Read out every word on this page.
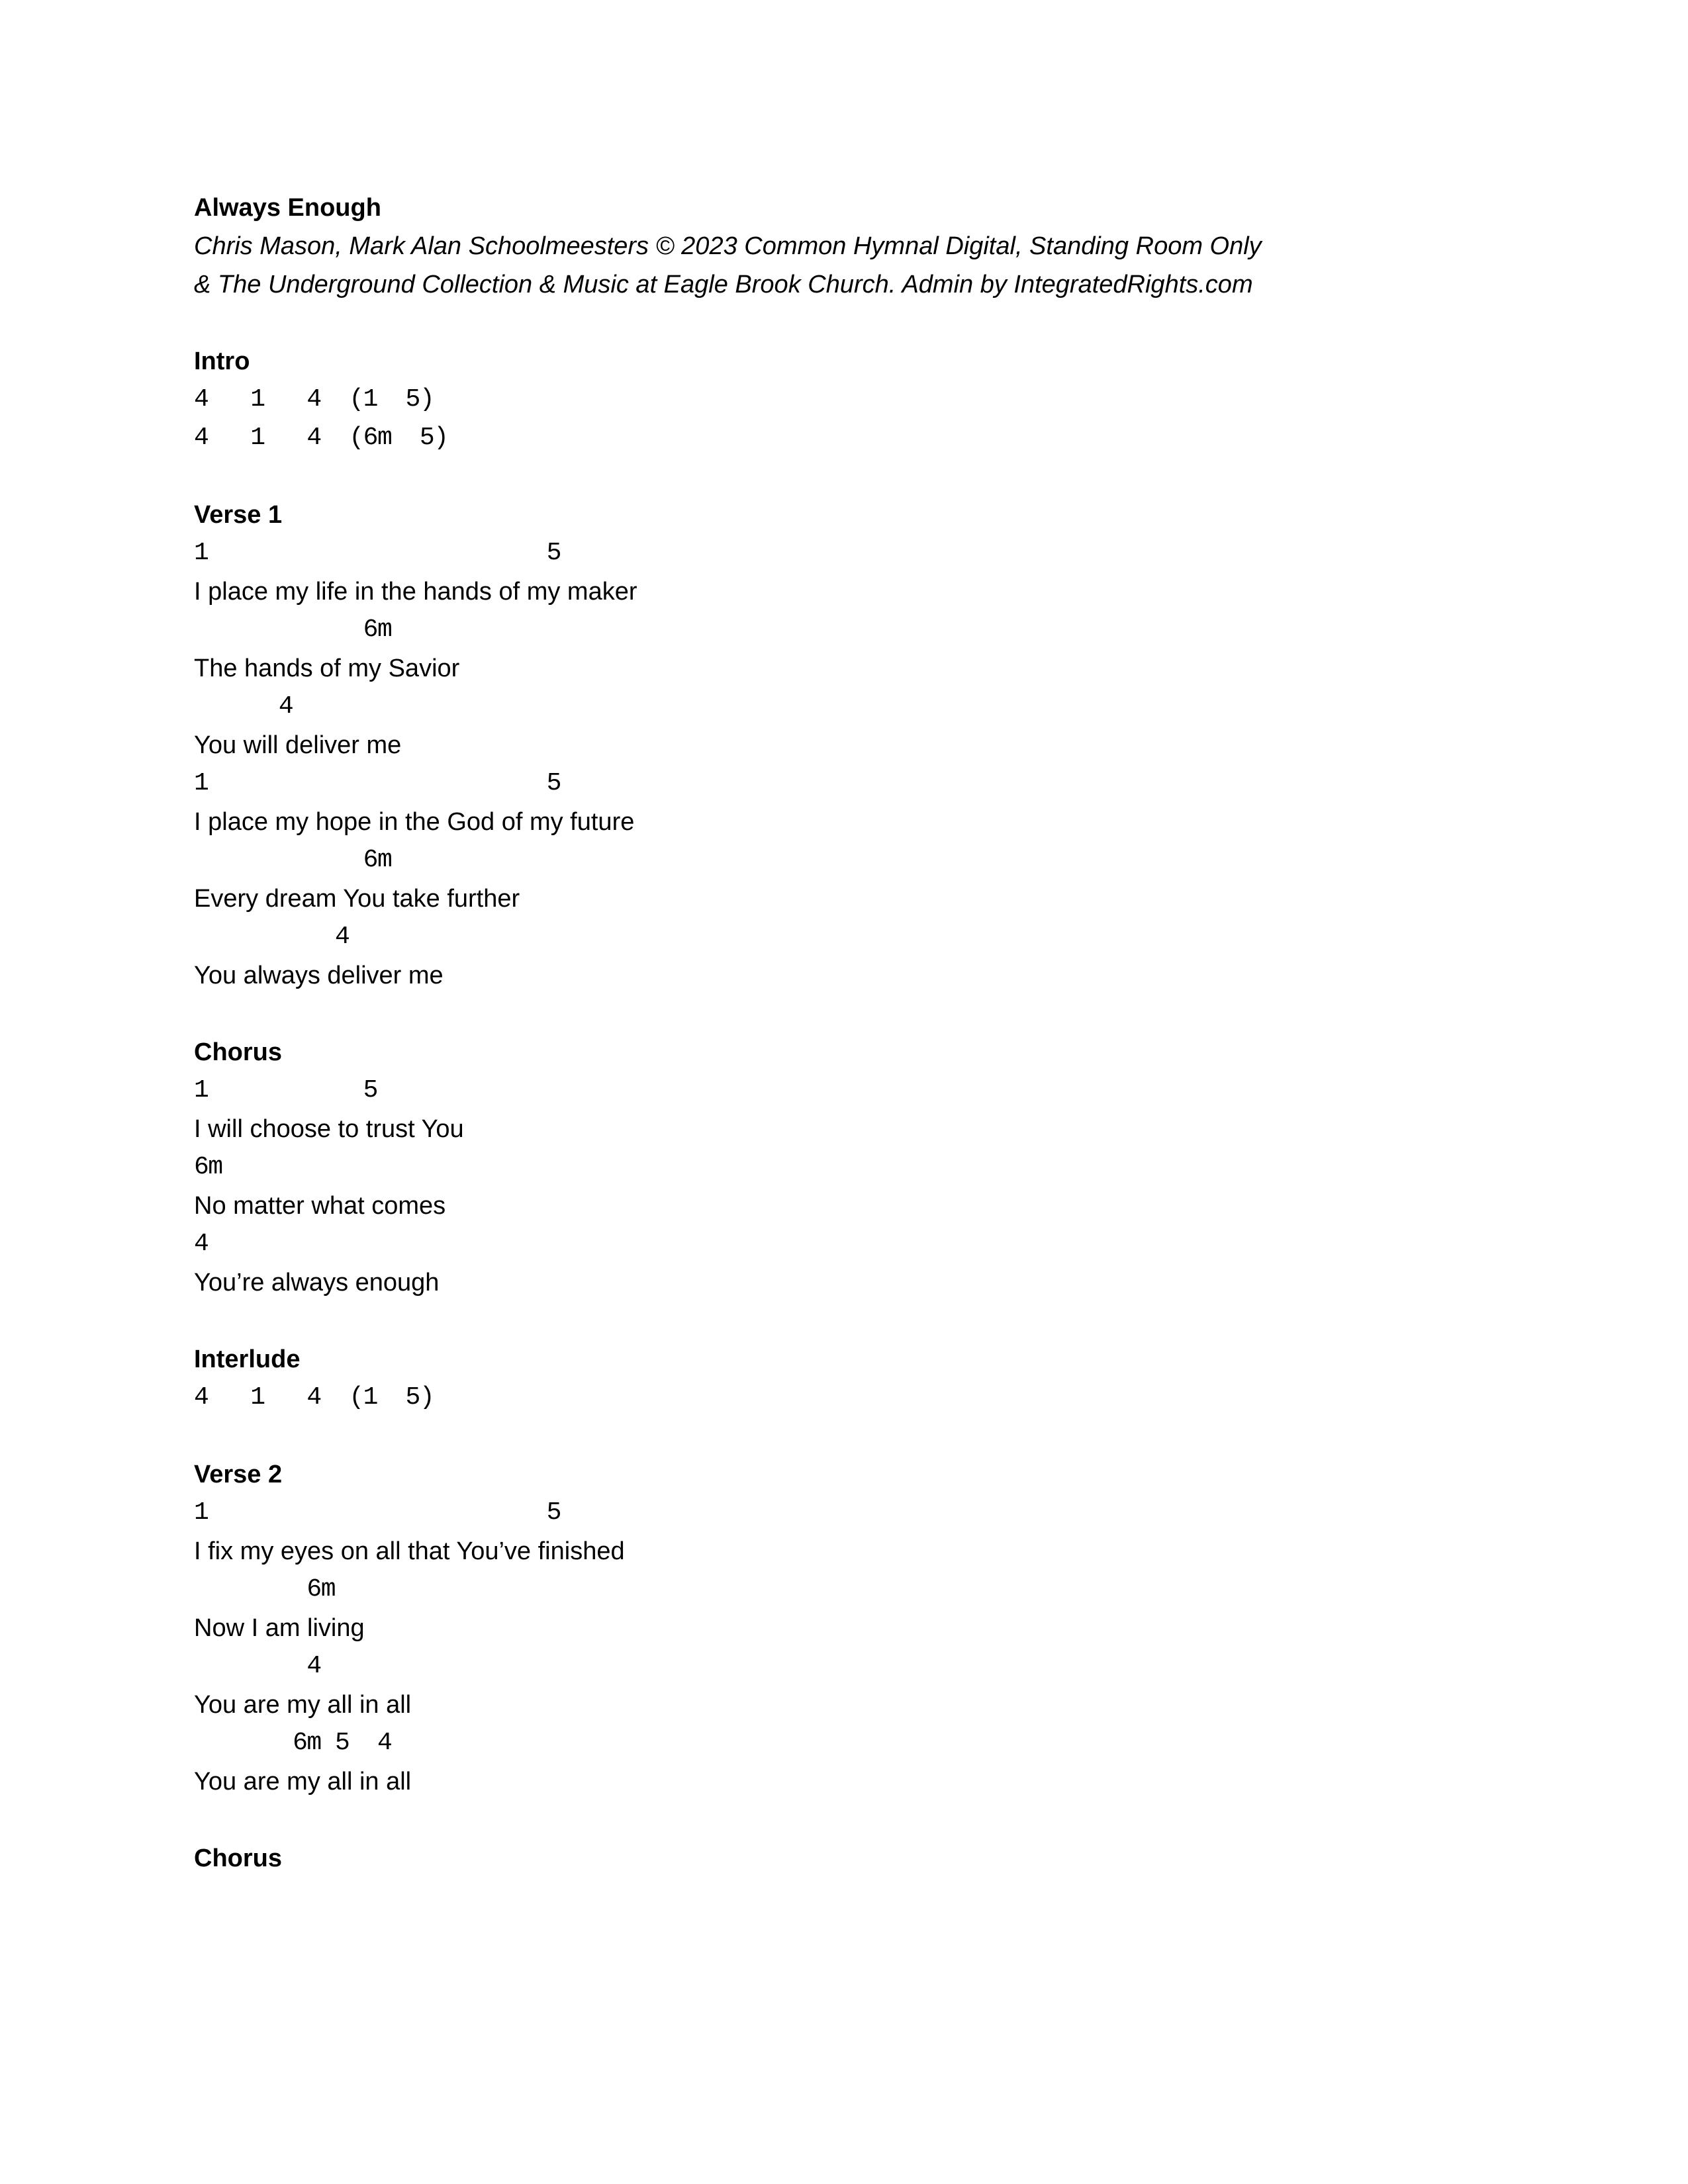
Always Enough
Chris Mason, Mark Alan Schoolmeesters © 2023 Common Hymnal Digital, Standing Room Only
& The Underground Collection & Music at Eagle Brook Church. Admin by IntegratedRights.com

Intro
4   1   4  (1  5)
4   1   4  (6m  5)

Verse 1
1                        5
I place my life in the hands of my maker
6m
The hands of my Savior
4
You will deliver me
1                        5
I place my hope in the God of my future
6m
Every dream You take further
4
You always deliver me

Chorus
1           5
I will choose to trust You
6m
No matter what comes
4
You’re always enough

Interlude
4   1   4  (1  5)

Verse 2
1                        5
I fix my eyes on all that You’ve finished
6m
Now I am living
4
You are my all in all
6m 5  4
You are my all in all

Chorus
